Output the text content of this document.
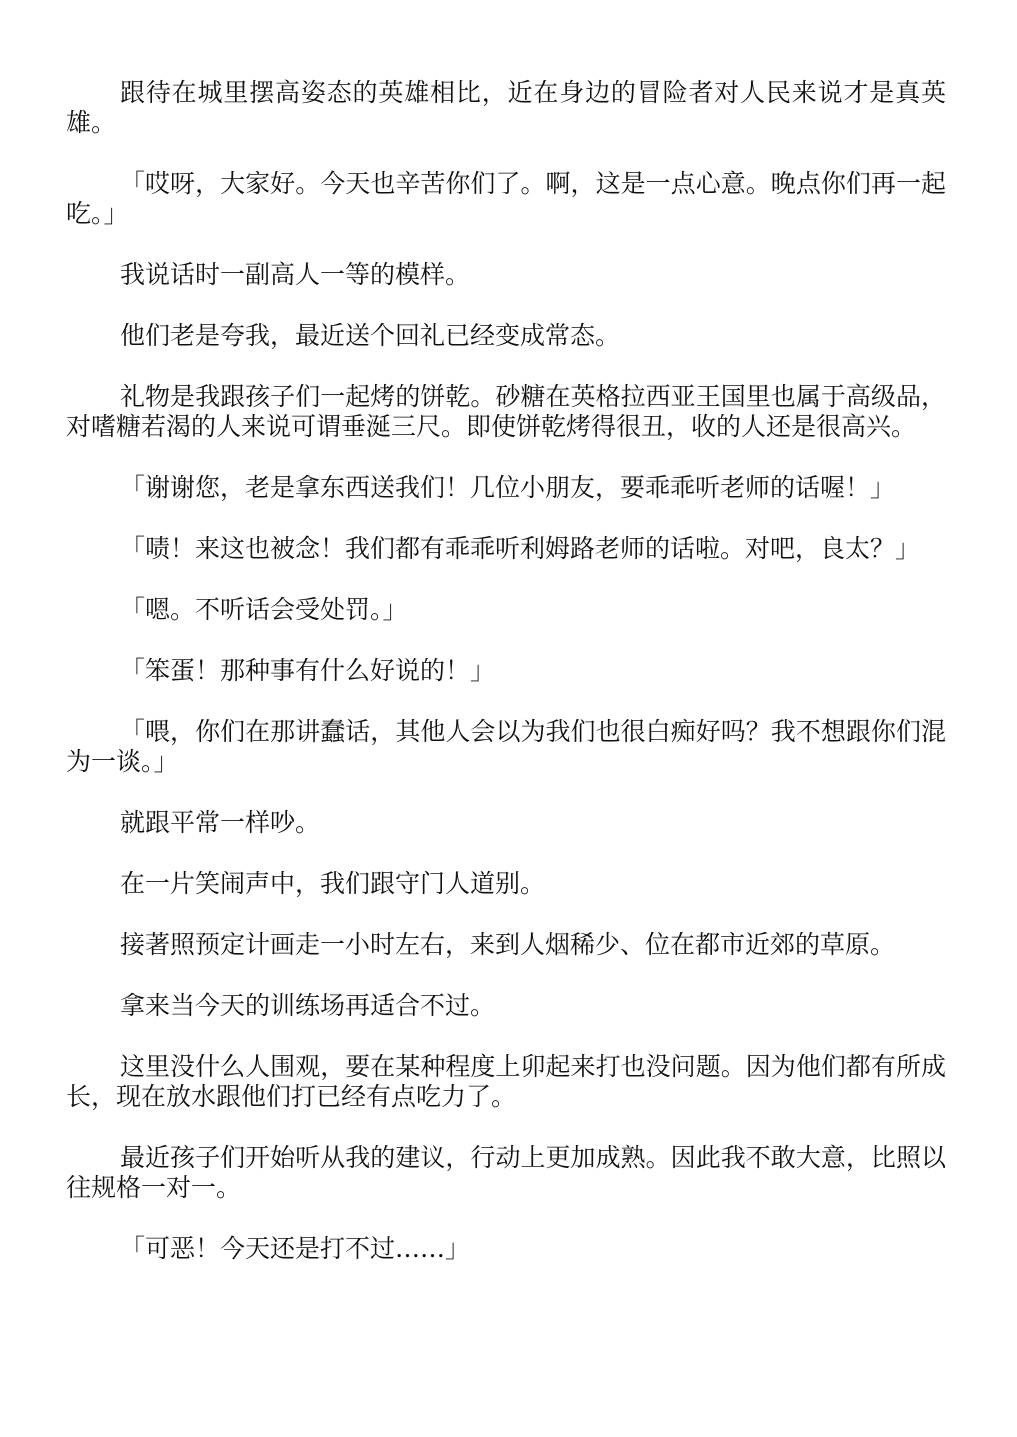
跟待在城里摆高姿态的英雄相比，近在身边的冒险者对人民来说才是真英雄。

「哎呀，大家好。今天也辛苦你们了。啊，这是一点心意。晚点你们再一起吃。」

我说话时一副高人一等的模样。

他们老是夸我，最近送个回礼已经变成常态。

礼物是我跟孩子们一起烤的饼乾。砂糖在英格拉西亚王国里也属于高级品，对嗜糖若渴的人来说可谓垂涎三尺。即使饼乾烤得很丑，收的人还是很高兴。

「谢谢您，老是拿东西送我们！几位小朋友，要乖乖听老师的话喔！」

「啧！来这也被念！我们都有乖乖听利姆路老师的话啦。对吧，良太？」

「嗯。不听话会受处罚。」

「笨蛋！那种事有什么好说的！」

「喂，你们在那讲蠢话，其他人会以为我们也很白痴好吗？我不想跟你们混为一谈。」

就跟平常一样吵。

在一片笑闹声中，我们跟守门人道别。

接著照预定计画走一小时左右，来到人烟稀少、位在都市近郊的草原。

拿来当今天的训练场再适合不过。

这里没什么人围观，要在某种程度上卯起来打也没问题。因为他们都有所成长，现在放水跟他们打已经有点吃力了。

最近孩子们开始听从我的建议，行动上更加成熟。因此我不敢大意，比照以往规格一对一。

「可恶！今天还是打不过……」
